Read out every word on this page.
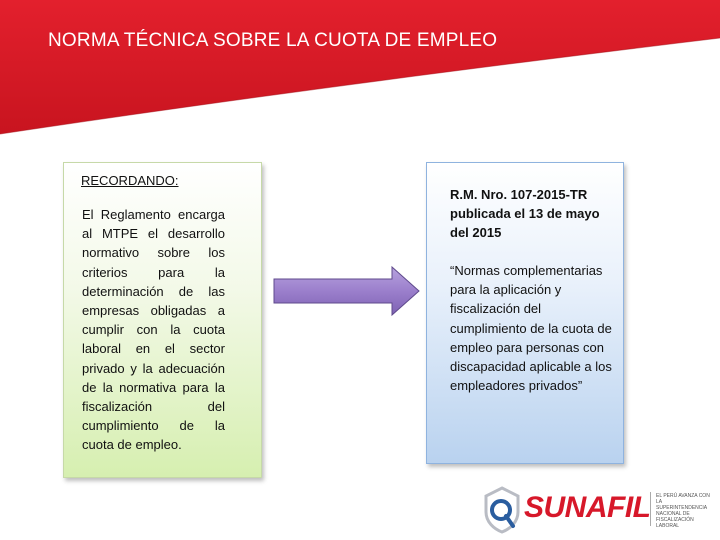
NORMA TÉCNICA SOBRE LA CUOTA DE EMPLEO
RECORDANDO:
El Reglamento encarga al MTPE el desarrollo normativo sobre los criterios para la determinación de las empresas obligadas a cumplir con la cuota laboral en el sector privado y la adecuación de la normativa para la fiscalización del cumplimiento de la cuota de empleo.
R.M. Nro. 107-2015-TR publicada el 13 de mayo del 2015
“Normas complementarias para la aplicación y fiscalización del cumplimiento de la cuota de empleo para personas con discapacidad aplicable a los empleadores privados”
SUNAFIL EL PERÚ AVANZA CON LA SUPERINTENDENCIA NACIONAL DE FISCALIZACIÓN LABORAL
